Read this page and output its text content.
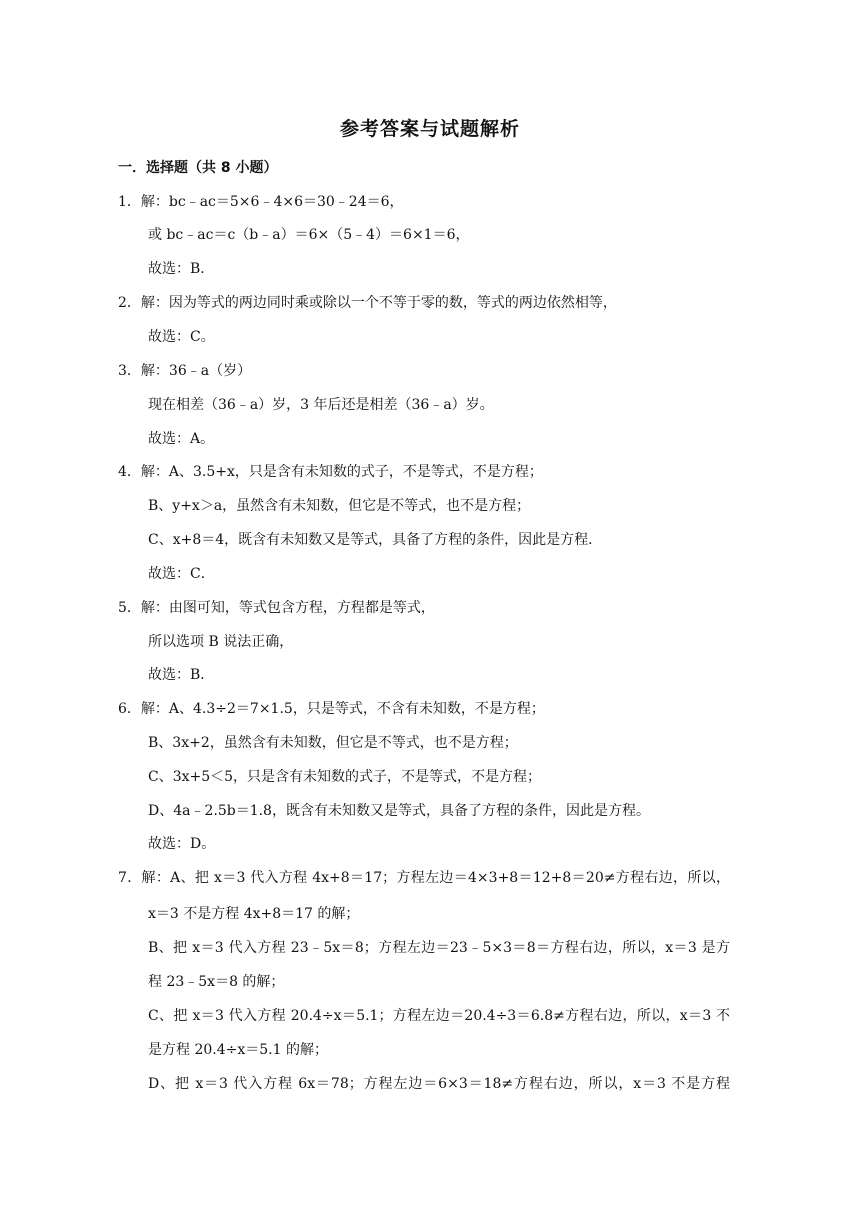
参考答案与试题解析
一．选择题（共 8 小题）
1．解：bc﹣ac＝5×6﹣4×6＝30﹣24＝6，
或 bc﹣ac＝c（b﹣a）＝6×（5﹣4）＝6×1＝6，
故选：B．
2．解：因为等式的两边同时乘或除以一个不等于零的数，等式的两边依然相等，
故选：C。
3．解：36﹣a（岁）
现在相差（36﹣a）岁，3 年后还是相差（36﹣a）岁。
故选：A。
4．解：A、3.5+x，只是含有未知数的式子，不是等式，不是方程；
B、y+x＞a，虽然含有未知数，但它是不等式，也不是方程；
C、x+8＝4，既含有未知数又是等式，具备了方程的条件，因此是方程．
故选：C．
5．解：由图可知，等式包含方程，方程都是等式，
所以选项 B 说法正确，
故选：B．
6．解：A、4.3÷2＝7×1.5，只是等式，不含有未知数，不是方程；
B、3x+2，虽然含有未知数，但它是不等式，也不是方程；
C、3x+5＜5，只是含有未知数的式子，不是等式，不是方程；
D、4a﹣2.5b＝1.8，既含有未知数又是等式，具备了方程的条件，因此是方程。
故选：D。
7．解：A、把 x＝3 代入方程 4x+8＝17；方程左边＝4×3+8＝12+8＝20≠方程右边，所以，
x＝3 不是方程 4x+8＝17 的解；
B、把 x＝3 代入方程 23﹣5x＝8；方程左边＝23﹣5×3＝8＝方程右边，所以，x＝3 是方
程 23﹣5x＝8 的解；
C、把 x＝3 代入方程 20.4÷x＝5.1；方程左边＝20.4÷3＝6.8≠方程右边，所以，x＝3 不
是方程 20.4÷x＝5.1 的解；
D、把 x＝3 代入方程 6x＝78；方程左边＝6×3＝18≠方程右边，所以，x＝3 不是方程
